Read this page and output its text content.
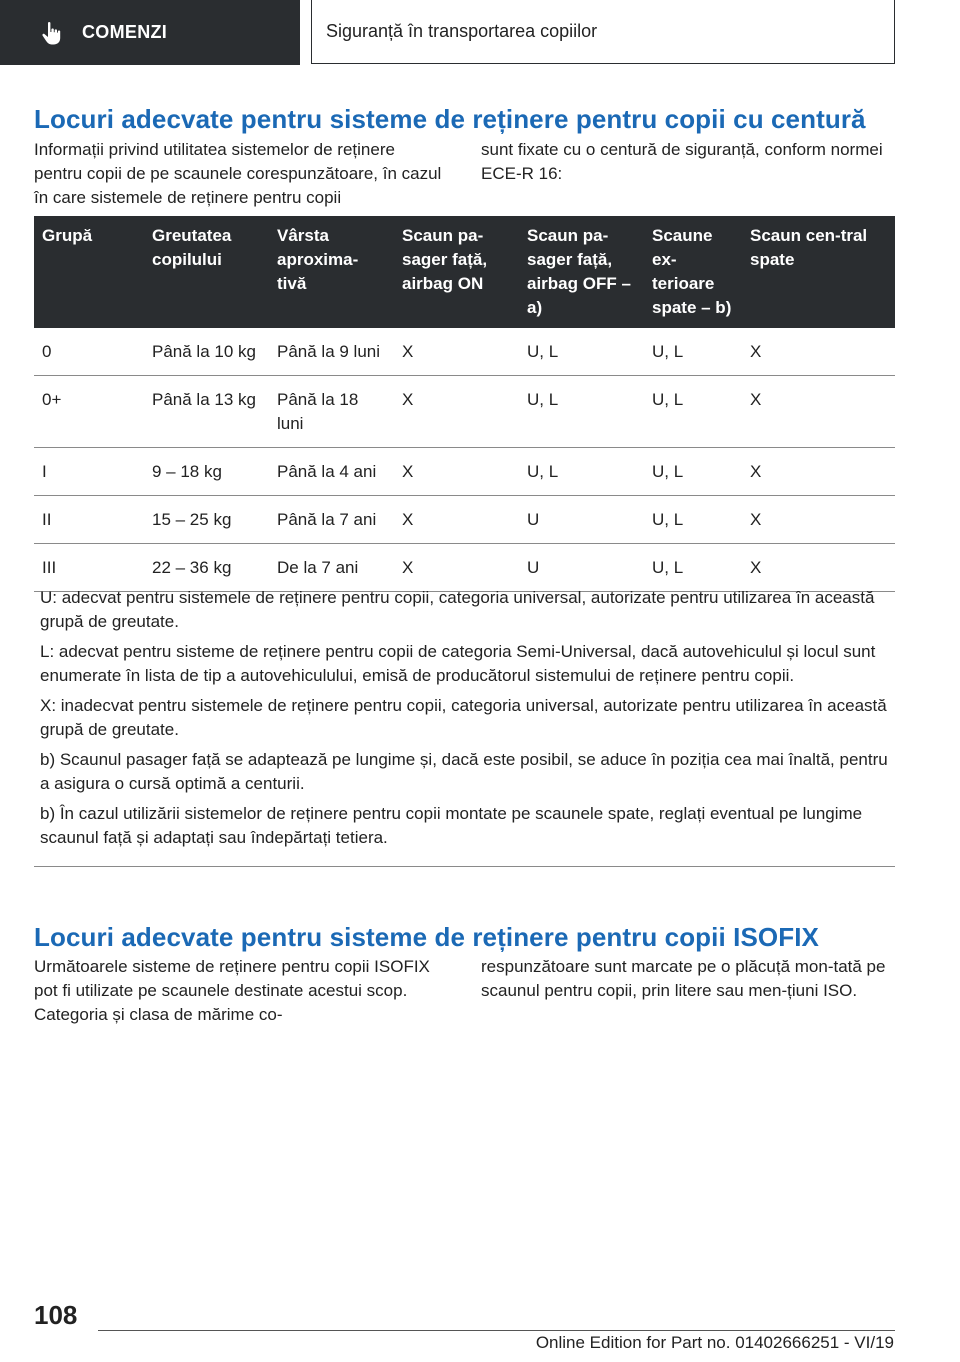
COMENZI	Siguranță în transportarea copiilor
Locuri adecvate pentru sisteme de reținere pentru copii cu centură

Informații privind utilitatea sistemelor de reținere pentru copii de pe scaunele corespunzătoare, în cazul în care sistemele de reținere pentru copii

sunt fixate cu o centură de siguranță, conform normei ECE-R 16:

Grupă	Greutatea copilului	Vârsta aproxima-tivă	Scaun pa-sager față, airbag ON	Scaun pa-sager față, airbag OFF – a)	Scaune ex-terioare spate – b)	Scaun cen-tral spate
0	Până la 10 kg	Până la 9 luni	X	U, L	U, L	X
0+	Până la 13 kg	Până la 18 luni	X	U, L	U, L	X
I	9 – 18 kg	Până la 4 ani	X	U, L	U, L	X
II	15 – 25 kg	Până la 7 ani	X	U	U, L	X
III	22 – 36 kg	De la 7 ani	X	U	U, L	X

U: adecvat pentru sistemele de reținere pentru copii, categoria universal, autorizate pentru utilizarea în această grupă de greutate.

L: adecvat pentru sisteme de reținere pentru copii de categoria Semi-Universal, dacă autovehiculul și locul sunt enumerate în lista de tip a autovehiculului, emisă de producătorul sistemului de reținere pentru copii.

X: inadecvat pentru sistemele de reținere pentru copii, categoria universal, autorizate pentru utilizarea în această grupă de greutate.

b) Scaunul pasager față se adaptează pe lungime și, dacă este posibil, se aduce în poziția cea mai înaltă, pentru a asigura o cursă optimă a centurii.

b) În cazul utilizării sistemelor de reținere pentru copii montate pe scaunele spate, reglați eventual pe lungime scaunul față și adaptați sau îndepărtați tetiera.

Locuri adecvate pentru sisteme de reținere pentru copii ISOFIX

Următoarele sisteme de reținere pentru copii ISOFIX pot fi utilizate pe scaunele destinate acestui scop. Categoria și clasa de mărime co-

respunzătoare sunt marcate pe o plăcuță mon-tată pe scaunul pentru copii, prin litere sau men-țiuni ISO.

108
Online Edition for Part no. 01402666251 - VI/19
